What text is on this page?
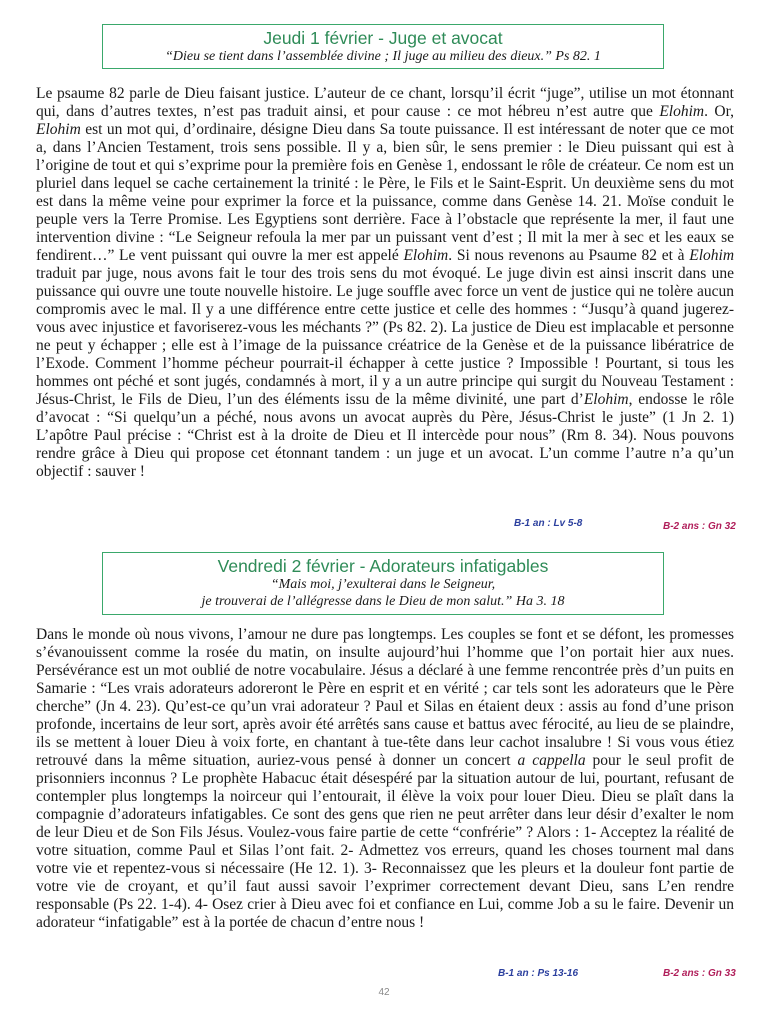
Jeudi 1 février - Juge et avocat
“Dieu se tient dans l’assemblée divine ; Il juge au milieu des dieux.” Ps 82. 1

Le psaume 82 parle de Dieu faisant justice. L’auteur de ce chant, lorsqu’il écrit “juge”, utilise un mot étonnant qui, dans d’autres textes, n’est pas traduit ainsi, et pour cause : ce mot hébreu n’est autre que Elohim. Or, Elohim est un mot qui, d’ordinaire, désigne Dieu dans Sa toute puissance. Il est intéressant de noter que ce mot a, dans l’Ancien Testament, trois sens possible. Il y a, bien sûr, le sens premier : le Dieu puissant qui est à l’origine de tout et qui s’exprime pour la première fois en Genèse 1, endossant le rôle de créateur. Ce nom est un pluriel dans lequel se cache certainement la trinité : le Père, le Fils et le Saint-Esprit. Un deuxième sens du mot est dans la même veine pour exprimer la force et la puissance, comme dans Genèse 14. 21. Moïse conduit le peuple vers la Terre Promise. Les Egyptiens sont derrière. Face à l’obstacle que représente la mer, il faut une intervention divine : “Le Seigneur refoula la mer par un puissant vent d’est ; Il mit la mer à sec et les eaux se fendirent…” Le vent puissant qui ouvre la mer est appelé Elohim. Si nous revenons au Psaume 82 et à Elohim traduit par juge, nous avons fait le tour des trois sens du mot évoqué. Le juge divin est ainsi inscrit dans une puissance qui ouvre une toute nouvelle histoire. Le juge souffle avec force un vent de justice qui ne tolère aucun compromis avec le mal. Il y a une différence entre cette justice et celle des hommes : “Jusqu’à quand jugerez-vous avec injustice et favoriserez-vous les méchants ?” (Ps 82. 2). La justice de Dieu est implacable et personne ne peut y échapper ; elle est à l’image de la puissance créatrice de la Genèse et de la puissance libératrice de l’Exode. Comment l’homme pécheur pourrait-il échapper à cette justice ? Impossible ! Pourtant, si tous les hommes ont péché et sont jugés, condamnés à mort, il y a un autre principe qui surgit du Nouveau Testament : Jésus-Christ, le Fils de Dieu, l’un des éléments issu de la même divinité, une part d’Elohim, endosse le rôle d’avocat : “Si quelqu’un a péché, nous avons un avocat auprès du Père, Jésus-Christ le juste” (1 Jn 2. 1) L’apôtre Paul précise : “Christ est à la droite de Dieu et Il intercède pour nous” (Rm 8. 34). Nous pouvons rendre grâce à Dieu qui propose cet étonnant tandem : un juge et un avocat. L’un comme l’autre n’a qu’un objectif : sauver !

B-1 an : Lv 5-8	B-2 ans : Gn 32
Vendredi 2 février - Adorateurs infatigables
“Mais moi, j’exulterai dans le Seigneur,
je trouverai de l’allégresse dans le Dieu de mon salut.” Ha 3. 18

Dans le monde où nous vivons, l’amour ne dure pas longtemps. Les couples se font et se défont, les promesses s’évanouissent comme la rosée du matin, on insulte aujourd’hui l’homme que l’on portait hier aux nues. Persévérance est un mot oublié de notre vocabulaire. Jésus a déclaré à une femme rencontrée près d’un puits en Samarie : “Les vrais adorateurs adoreront le Père en esprit et en vérité ; car tels sont les adorateurs que le Père cherche” (Jn 4. 23). Qu’est-ce qu’un vrai adorateur ? Paul et Silas en étaient deux : assis au fond d’une prison profonde, incertains de leur sort, après avoir été arrêtés sans cause et battus avec férocité, au lieu de se plaindre, ils se mettent à louer Dieu à voix forte, en chantant à tue-tête dans leur cachot insalubre ! Si vous vous étiez retrouvé dans la même situation, auriez-vous pensé à donner un concert a cappella pour le seul profit de prisonniers inconnus ? Le prophète Habacuc était désespéré par la situation autour de lui, pourtant, refusant de contempler plus longtemps la noirceur qui l’entourait, il élève la voix pour louer Dieu. Dieu se plaît dans la compagnie d’adorateurs infatigables. Ce sont des gens que rien ne peut arrêter dans leur désir d’exalter le nom de leur Dieu et de Son Fils Jésus. Voulez-vous faire partie de cette “confrérie” ? Alors : 1- Acceptez la réalité de votre situation, comme Paul et Silas l’ont fait. 2- Admettez vos erreurs, quand les choses tournent mal dans votre vie et repentez-vous si nécessaire (He 12. 1). 3- Reconnaissez que les pleurs et la douleur font partie de votre vie de croyant, et qu’il faut aussi savoir l’exprimer correctement devant Dieu, sans L’en rendre responsable (Ps 22. 1-4). 4- Osez crier à Dieu avec foi et confiance en Lui, comme Job a su le faire. Devenir un adorateur “infatigable” est à la portée de chacun d’entre nous !

B-1 an : Ps 13-16	B-2 ans : Gn 33
42
